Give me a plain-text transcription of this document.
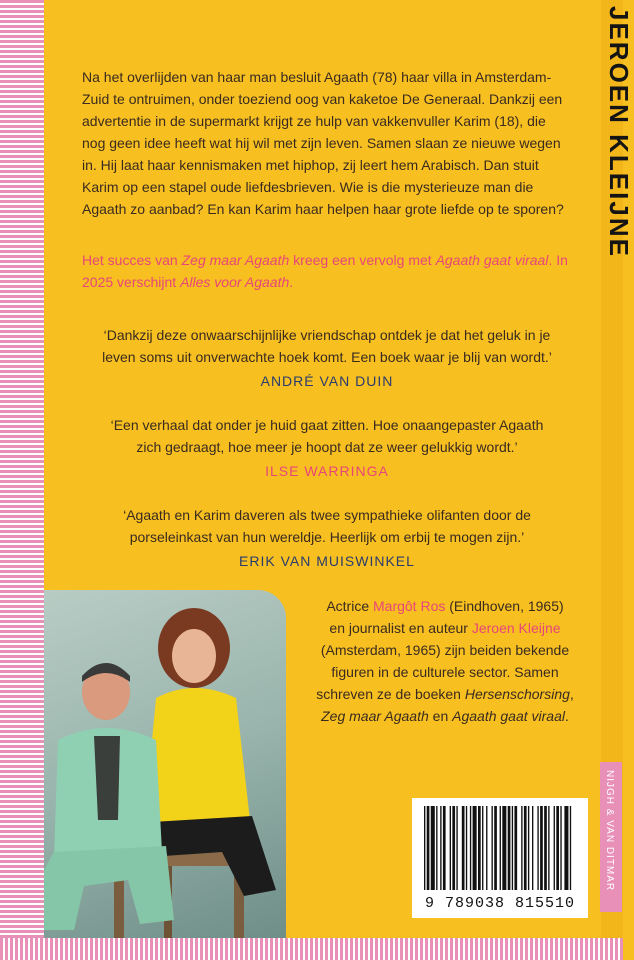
JEROEN KLEIJNE
NIJGH & VAN DITMAR
Na het overlijden van haar man besluit Agaath (78) haar villa in Amsterdam-
Zuid te ontruimen, onder toeziend oog van kaketoe De Generaal. Dankzij een
advertentie in de supermarkt krijgt ze hulp van vakkenvuller Karim (18), die
nog geen idee heeft wat hij wil met zijn leven. Samen slaan ze nieuwe wegen
in. Hij laat haar kennismaken met hiphop, zij leert hem Arabisch. Dan stuit
Karim op een stapel oude liefdesbrieven. Wie is die mysterieuze man die
Agaath zo aanbad? En kan Karim haar helpen haar grote liefde op te sporen?
Het succes van Zeg maar Agaath kreeg een vervolg met Agaath gaat viraal. In 2025 verschijnt Alles voor Agaath.
‘Dankzij deze onwaarschijnlijke vriendschap ontdek je dat het geluk in je
leven soms uit onverwachte hoek komt. Een boek waar je blij van wordt.’
ANDRÉ VAN DUIN
‘Een verhaal dat onder je huid gaat zitten. Hoe onaangepaster Agaath
zich gedraagt, hoe meer je hoopt dat ze weer gelukkig wordt.’
ILSE WARRINGA
‘Agaath en Karim daveren als twee sympathieke olifanten door de
porseleinkast van hun wereldje. Heerlijk om erbij te mogen zijn.’
ERIK VAN MUISWINKEL
Actrice Margôt Ros (Eindhoven, 1965)
en journalist en auteur Jeroen Kleijne (Amsterdam, 1965) zijn beiden bekende
figuren in de culturele sector. Samen
schreven ze de boeken Hersenschorsing,
Zeg maar Agaath en Agaath gaat viraal.
9 789038 815510
